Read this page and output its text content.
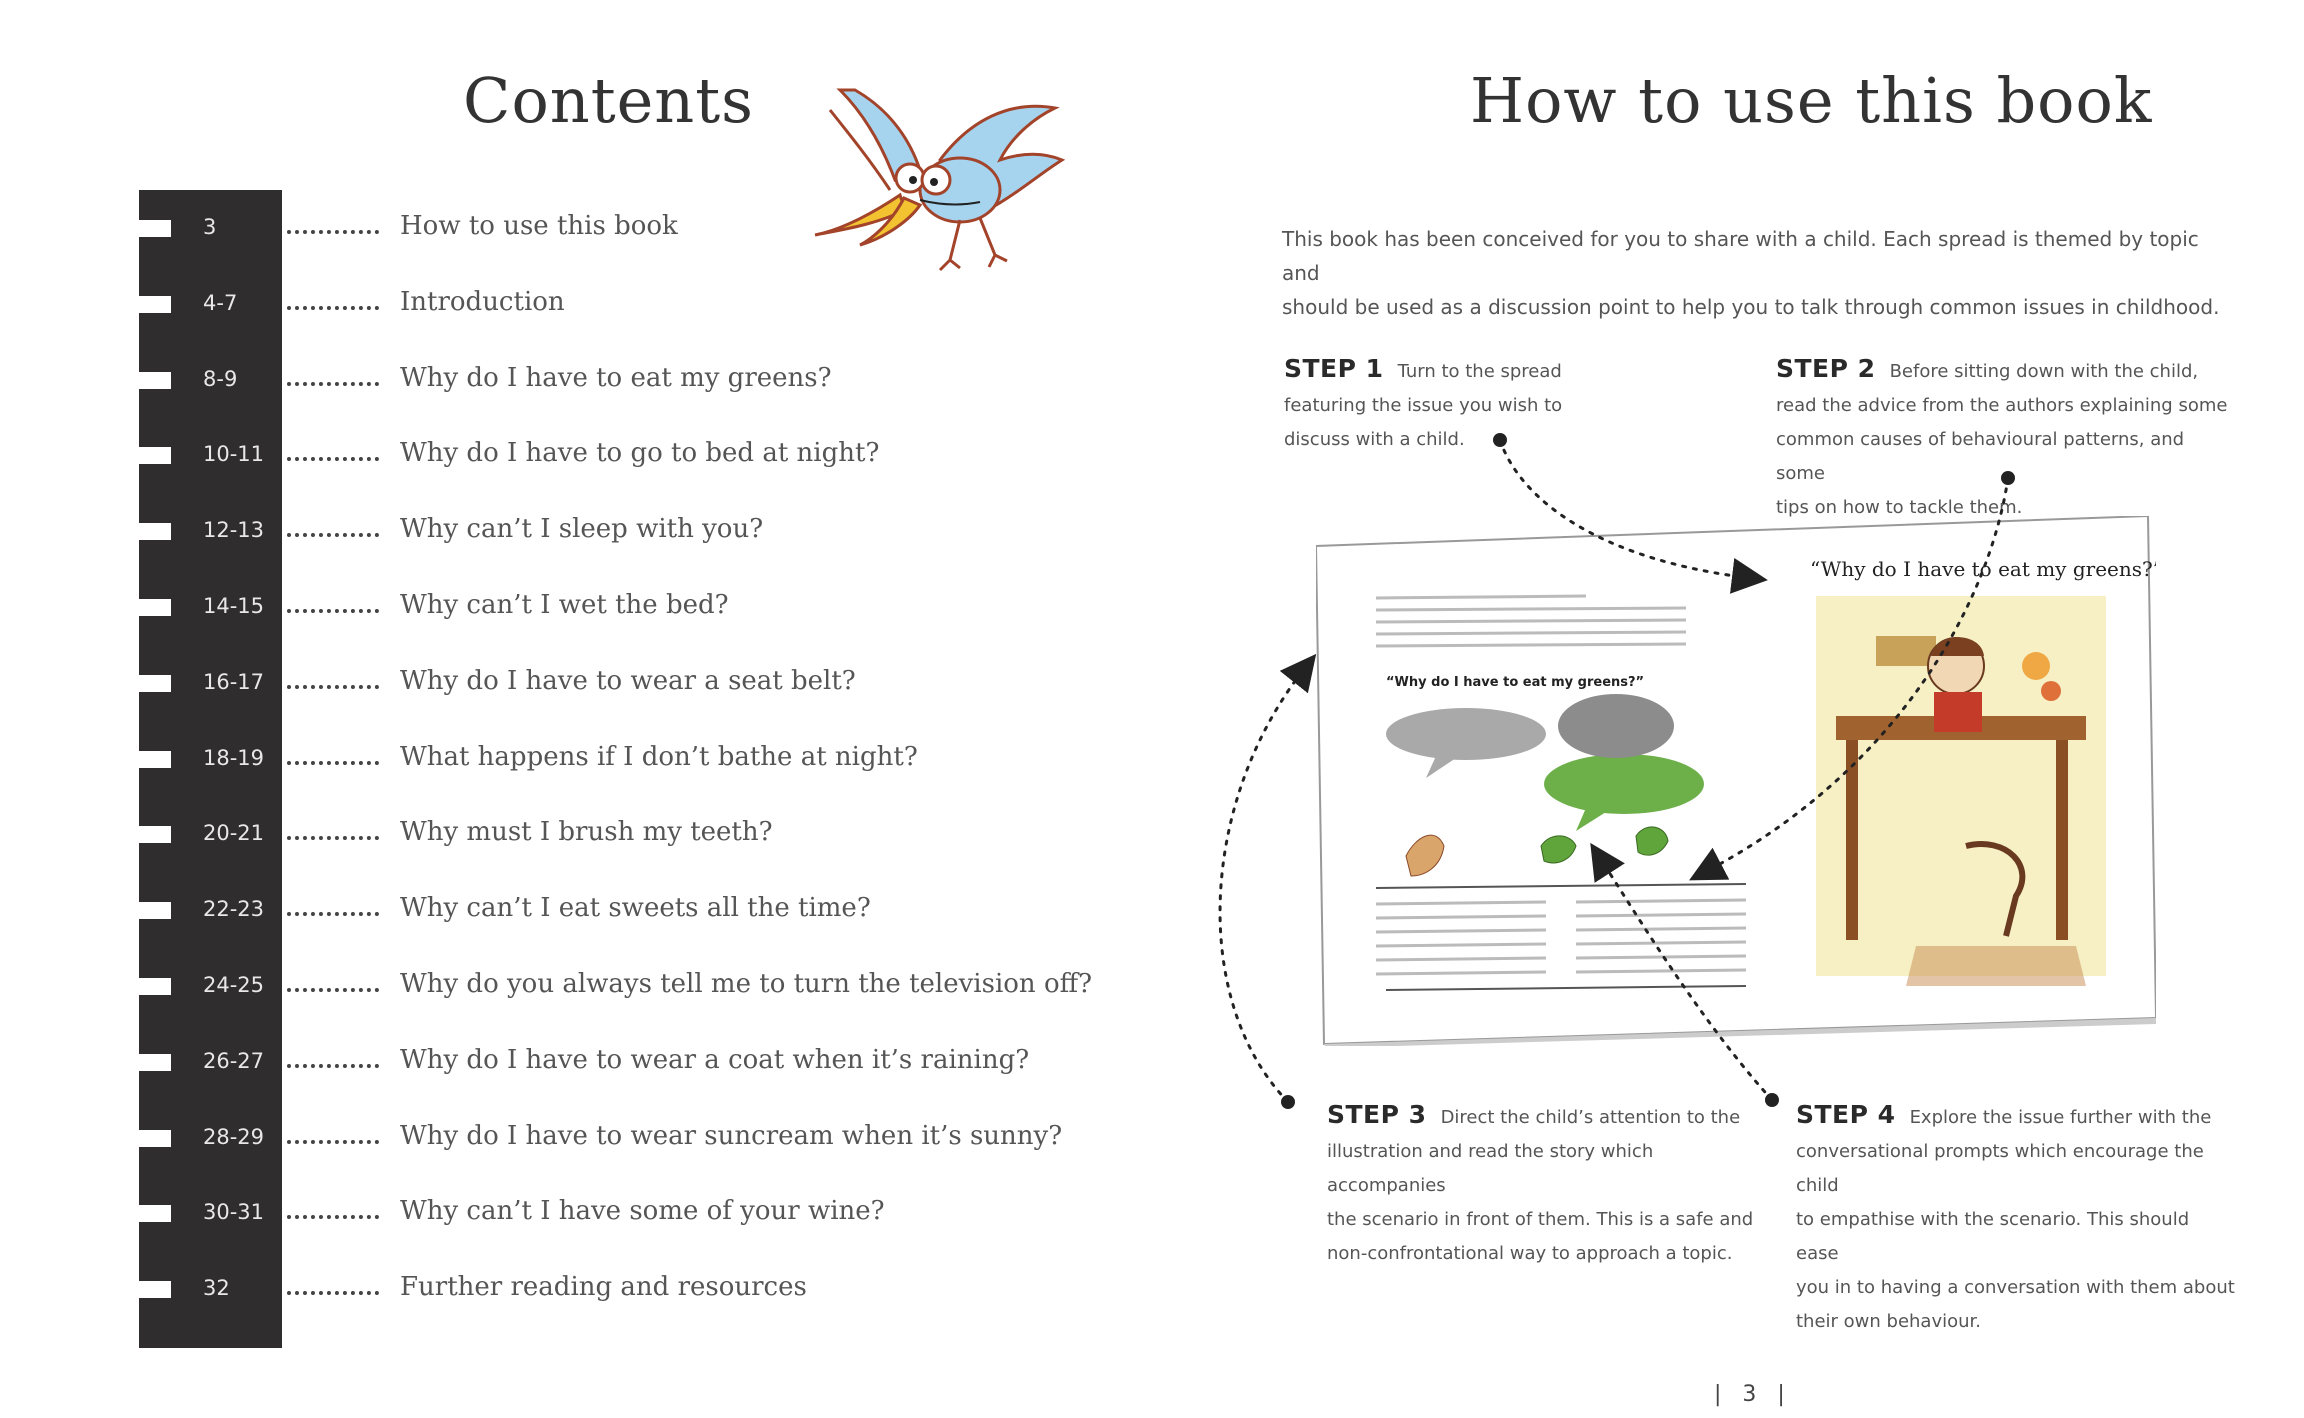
Contents
3
4-7
8-9
10-11
12-13
14-15
16-17
18-19
20-21
22-23
24-25
26-27
28-29
30-31
32
How to use this book
Introduction
Why do I have to eat my greens?
Why do I have to go to bed at night?
Why can’t I sleep with you?
Why can’t I wet the bed?
Why do I have to wear a seat belt?
What happens if I don’t bathe at night?
Why must I brush my teeth?
Why can’t I eat sweets all the time?
Why do you always tell me to turn the television off?
Why do I have to wear a coat when it’s raining?
Why do I have to wear suncream when it’s sunny?
Why can’t I have some of your wine?
Further reading and resources
How to use this book
This book has been conceived for you to share with a child. Each spread is themed by topic and
should be used as a discussion point to help you to talk through common issues in childhood.
STEP 1 Turn to the spread
featuring the issue you wish to
discuss with a child.
STEP 2 Before sitting down with the child,
read the advice from the authors explaining some
common causes of behavioural patterns, and some
tips on how to tackle them.
“Why do I have to eat my greens?”
“Why do I have to eat my greens?”
STEP 3 Direct the child’s attention to the
illustration and read the story which accompanies
the scenario in front of them. This is a safe and
non-confrontational way to approach a topic.
STEP 4 Explore the issue further with the
conversational prompts which encourage the child
to empathise with the scenario. This should ease
you in to having a conversation with them about
their own behaviour.
| 3 |
